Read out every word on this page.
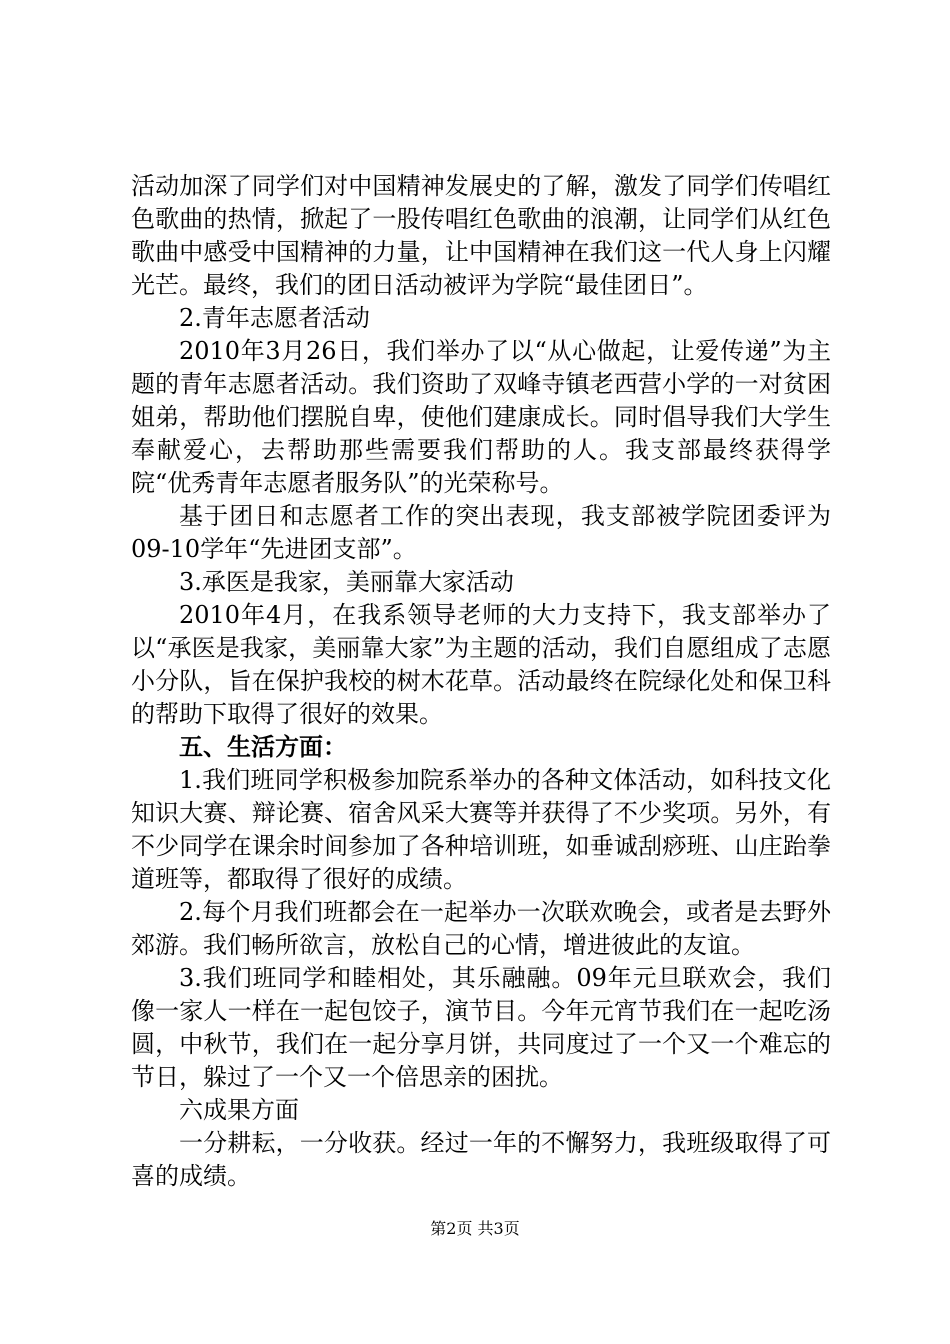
活动加深了同学们对中国精神发展史的了解，激发了同学们传唱红色歌曲的热情，掀起了一股传唱红色歌曲的浪潮，让同学们从红色歌曲中感受中国精神的力量，让中国精神在我们这一代人身上闪耀光芒。最终，我们的团日活动被评为学院“最佳团日”。

2.青年志愿者活动

2010年3月26日，我们举办了以“从心做起，让爱传递”为主题的青年志愿者活动。我们资助了双峰寺镇老西营小学的一对贫困姐弟，帮助他们摆脱自卑，使他们建康成长。同时倡导我们大学生奉献爱心，去帮助那些需要我们帮助的人。我支部最终获得学院“优秀青年志愿者服务队”的光荣称号。

基于团日和志愿者工作的突出表现，我支部被学院团委评为09-10学年“先进团支部”。

3.承医是我家，美丽靠大家活动

2010年4月，在我系领导老师的大力支持下，我支部举办了以“承医是我家，美丽靠大家”为主题的活动，我们自愿组成了志愿小分队，旨在保护我校的树木花草。活动最终在院绿化处和保卫科的帮助下取得了很好的效果。

五、生活方面：

1.我们班同学积极参加院系举办的各种文体活动，如科技文化知识大赛、辩论赛、宿舍风采大赛等并获得了不少奖项。另外，有不少同学在课余时间参加了各种培训班，如垂诚刮痧班、山庄跆拳道班等，都取得了很好的成绩。

2.每个月我们班都会在一起举办一次联欢晚会，或者是去野外郊游。我们畅所欲言，放松自己的心情，增进彼此的友谊。

3.我们班同学和睦相处，其乐融融。09年元旦联欢会，我们像一家人一样在一起包饺子，演节目。今年元宵节我们在一起吃汤圆，中秋节，我们在一起分享月饼，共同度过了一个又一个难忘的节日，躲过了一个又一个倍思亲的困扰。

六成果方面

一分耕耘，一分收获。经过一年的不懈努力，我班级取得了可喜的成绩。

第2页 共3页
